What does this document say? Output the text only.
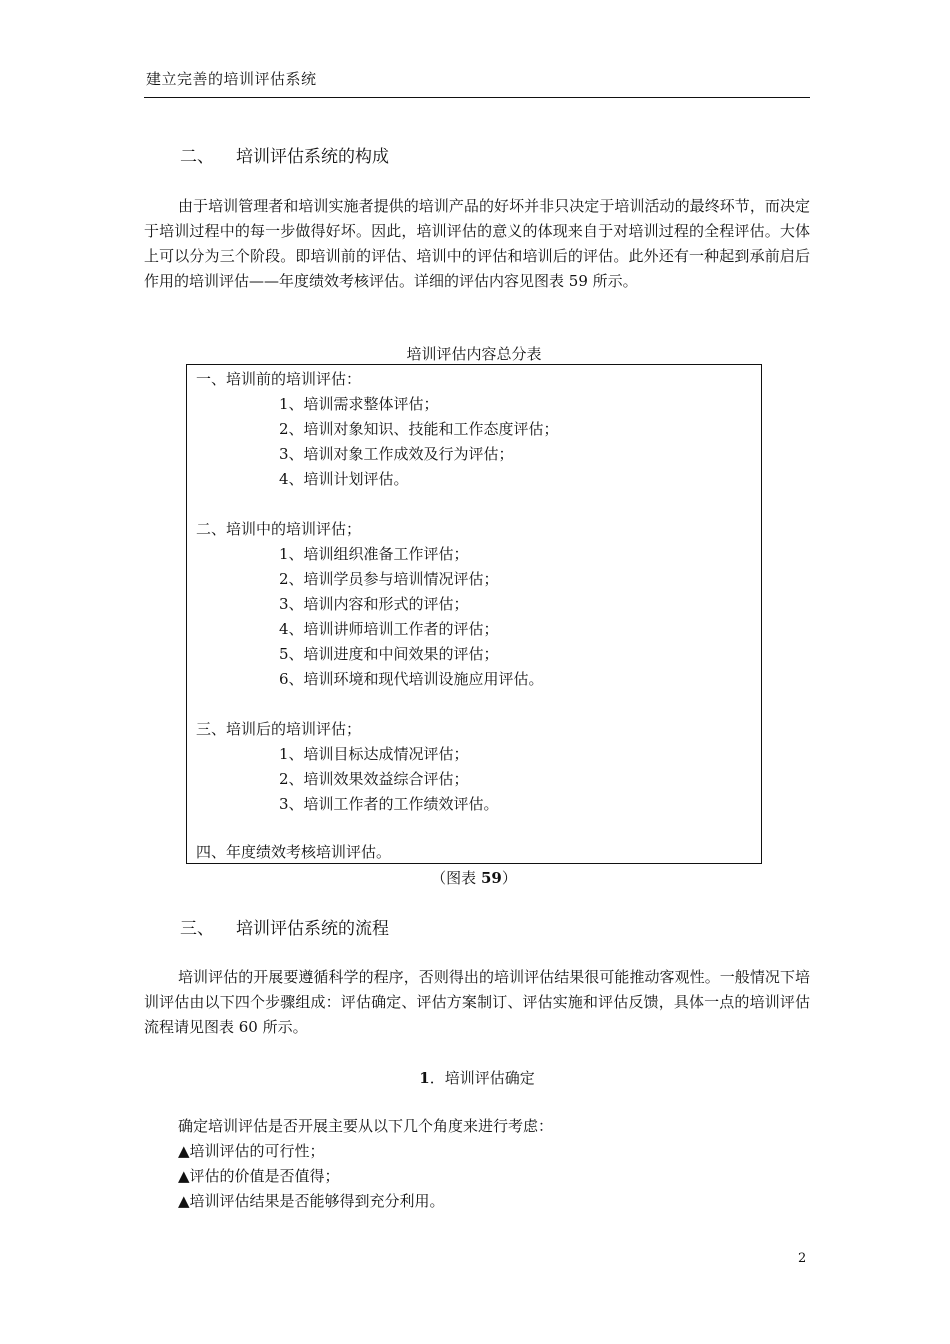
建立完善的培训评估系统
二、 培训评估系统的构成
由于培训管理者和培训实施者提供的培训产品的好坏并非只决定于培训活动的最终环节，而决定于培训过程中的每一步做得好坏。因此，培训评估的意义的体现来自于对培训过程的全程评估。大体上可以分为三个阶段。即培训前的评估、培训中的评估和培训后的评估。此外还有一种起到承前启后作用的培训评估——年度绩效考核评估。详细的评估内容见图表 59 所示。
培训评估内容总分表
一、培训前的培训评估：
1、培训需求整体评估；
2、培训对象知识、技能和工作态度评估；
3、培训对象工作成效及行为评估；
4、培训计划评估。
二、培训中的培训评估；
1、培训组织准备工作评估；
2、培训学员参与培训情况评估；
3、培训内容和形式的评估；
4、培训讲师培训工作者的评估；
5、培训进度和中间效果的评估；
6、培训环境和现代培训设施应用评估。
三、培训后的培训评估；
1、培训目标达成情况评估；
2、培训效果效益综合评估；
3、培训工作者的工作绩效评估。
四、年度绩效考核培训评估。
（图表 59）
三、 培训评估系统的流程
培训评估的开展要遵循科学的程序，否则得出的培训评估结果很可能推动客观性。一般情况下培训评估由以下四个步骤组成：评估确定、评估方案制订、评估实施和评估反馈，具体一点的培训评估流程请见图表 60 所示。
1．培训评估确定
确定培训评估是否开展主要从以下几个角度来进行考虑：
▲培训评估的可行性；
▲评估的价值是否值得；
▲培训评估结果是否能够得到充分利用。
2
